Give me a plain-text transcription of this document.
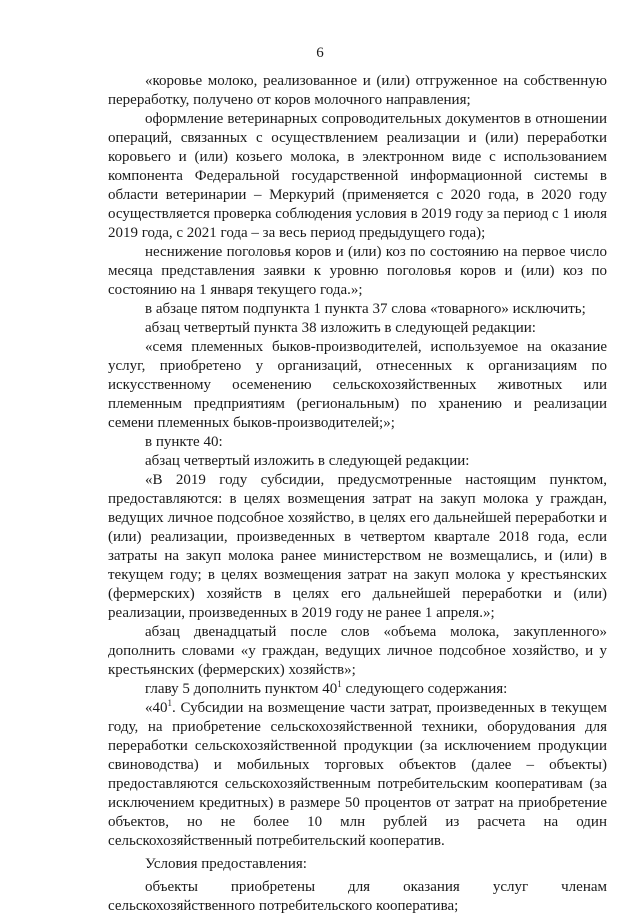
6

«коровье молоко, реализованное и (или) отгруженное на собственную переработку, получено от коров молочного направления;

оформление ветеринарных сопроводительных документов в отношении операций, связанных с осуществлением реализации и (или) переработки коровьего и (или) козьего молока, в электронном виде с использованием компонента Федеральной государственной информационной системы в области ветеринарии – Меркурий (применяется с 2020 года, в 2020 году осуществляется проверка соблюдения условия в 2019 году за период с 1 июля 2019 года, с 2021 года – за весь период предыдущего года);

неснижение поголовья коров и (или) коз по состоянию на первое число месяца представления заявки к уровню поголовья коров и (или) коз по состоянию на 1 января текущего года.»;

в абзаце пятом подпункта 1 пункта 37 слова «товарного» исключить;

абзац четвертый пункта 38 изложить в следующей редакции:

«семя племенных быков-производителей, используемое на оказание услуг, приобретено у организаций, отнесенных к организациям по искусственному осеменению сельскохозяйственных животных или племенным предприятиям (региональным) по хранению и реализации семени племенных быков-производителей;»;

в пункте 40:

абзац четвертый изложить в следующей редакции:

«В 2019 году субсидии, предусмотренные настоящим пунктом, предоставляются: в целях возмещения затрат на закуп молока у граждан, ведущих личное подсобное хозяйство, в целях его дальнейшей переработки и (или) реализации, произведенных в четвертом квартале 2018 года, если затраты на закуп молока ранее министерством не возмещались, и (или) в текущем году; в целях возмещения затрат на закуп молока у крестьянских (фермерских) хозяйств в целях его дальнейшей переработки и (или) реализации, произведенных в 2019 году не ранее 1 апреля.»;

абзац двенадцатый после слов «объема молока, закупленного» дополнить словами «у граждан, ведущих личное подсобное хозяйство, и у крестьянских (фермерских) хозяйств»;

главу 5 дополнить пунктом $40^1$ следующего содержания:

«$40^1$. Субсидии на возмещение части затрат, произведенных в текущем году, на приобретение сельскохозяйственной техники, оборудования для переработки сельскохозяйственной продукции (за исключением продукции свиноводства) и мобильных торговых объектов (далее – объекты) предоставляются сельскохозяйственным потребительским кооперативам (за исключением кредитных) в размере 50 процентов от затрат на приобретение объектов, но не более 10 млн рублей из расчета на один сельскохозяйственный потребительский кооператив.

Условия предоставления:

объекты приобретены для оказания услуг членам сельскохозяйственного потребительского кооператива;
